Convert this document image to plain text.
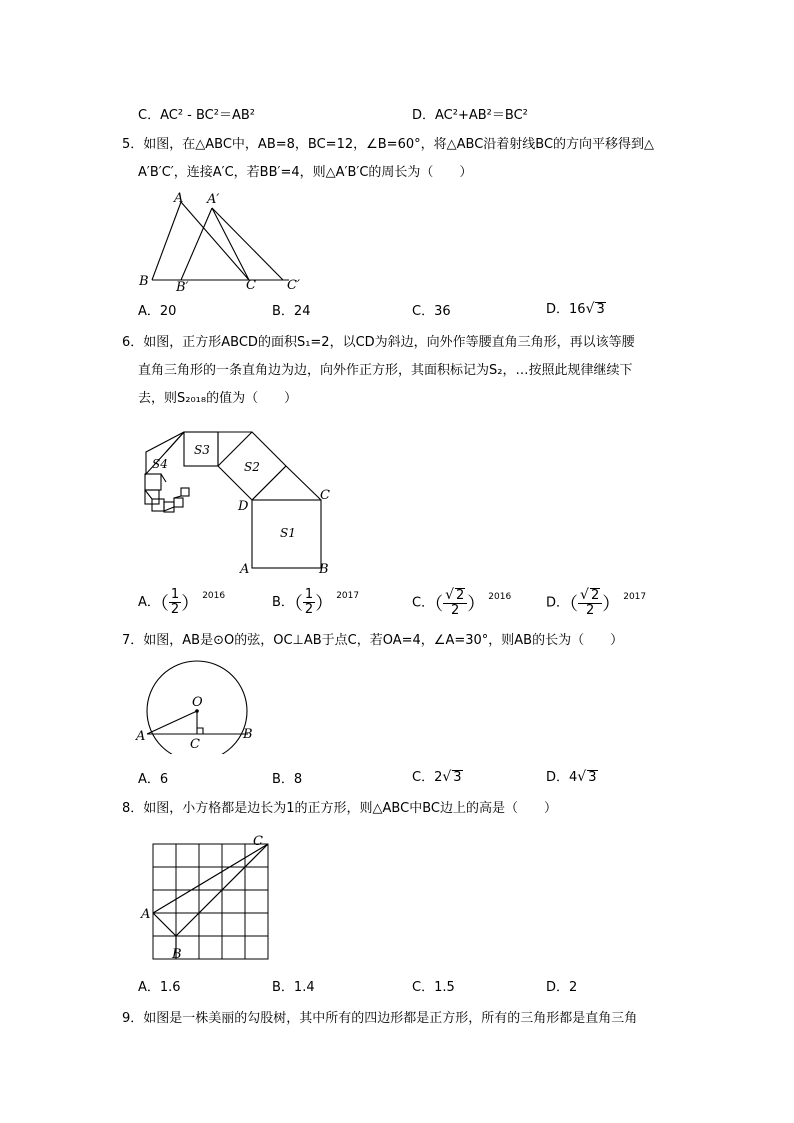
C．AC² - BC²＝AB²	D．AC²+AB²＝BC²
5．如图，在△ABC中，AB=8，BC=12，∠B=60°，将△ABC沿着射线BC的方向平移得到△
A′B′C′，连接A′C，若BB′=4，则△A′B′C的周长为（　　）
A A′
B B′	C C′
A．20	B．24	C．36	D．16√ 3
6．如图，正方形ABCD的面积S₁=2，以CD为斜边，向外作等腰直角三角形，再以该等腰
直角三角形的一条直角边为边，向外作正方形，其面积标记为S₂，…按照此规律继续下
去，则S₂₀₁₈的值为（　　）
S1
S2
S3
S4
A	B
C
D
A．（ $\frac{1}{2}$ ） $^{2016}$	B．（ $\frac{1}{2}$ ） $^{2017}$	C．（ $\frac{√ 2}{2}$ ） $^{2016}$	D．（ $\frac{√ 2}{2}$ ） $^{2017}$
7．如图，AB是⊙O的弦，OC⊥AB于点C，若OA=4，∠A=30°，则AB的长为（　　）
O
A	B
C
A．6	B．8	C．2√ 3	D．4√ 3
8．如图，小方格都是边长为1的正方形，则△ABC中BC边上的高是（　　）
A
B
C
A．1.6	B．1.4	C．1.5	D．2
9．如图是一株美丽的勾股树，其中所有的四边形都是正方形，所有的三角形都是直角三角
